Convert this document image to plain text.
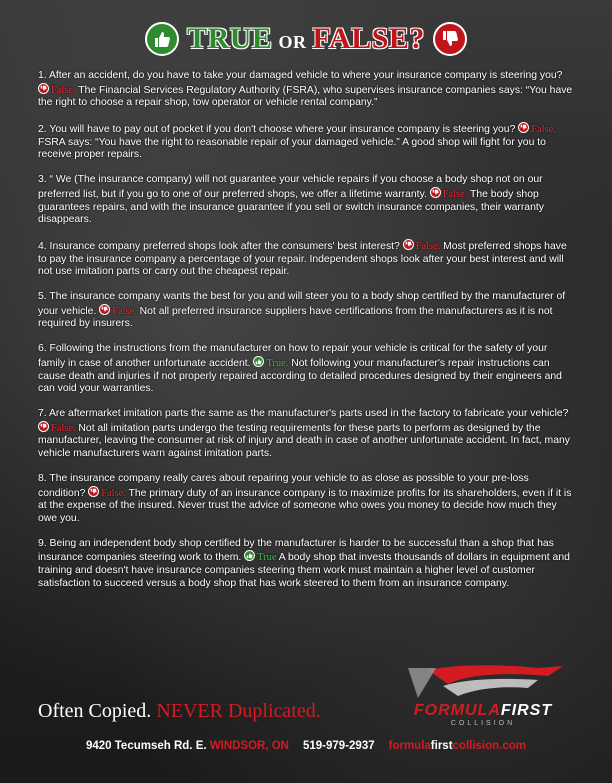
TRUE OR FALSE?

1. After an accident, do you have to take your damaged vehicle to where your insurance company is steering you?
False. The Financial Services Regulatory Authority (FSRA), who supervises insurance companies says: “You have the right to choose a repair shop, tow operator or vehicle rental company.”

2. You will have to pay out of pocket if you don't choose where your insurance company is steering you?
False. FSRA says: “You have the right to reasonable repair of your damaged vehicle.” A good shop will fight for you to receive proper repairs.

3. “ We (The insurance company) will not guarantee your vehicle repairs if you choose a body shop not on our preferred list, but if you go to one of our preferred shops, we offer a lifetime warranty.
False. The body shop guarantees repairs, and with the insurance guarantee if you sell or switch insurance companies, their warranty disappears.

4. Insurance company preferred shops look after the consumers' best interest?
False. Most preferred shops have to pay the insurance company a percentage of your repair. Independent shops look after your best interest and will not use imitation parts or carry out the cheapest repair.

5. The insurance company wants the best for you and will steer you to a body shop certified by the manufacturer of your vehicle.
False. Not all preferred insurance suppliers have certifications from the manufacturers as it is not required by insurers.

6. Following the instructions from the manufacturer on how to repair your vehicle is critical for the safety of your family in case of another unfortunate accident.
True. Not following your manufacturer's repair instructions can cause death and injuries if not properly repaired according to detailed procedures designed by their engineers and can void your warranties.

7. Are aftermarket imitation parts the same as the manufacturer's parts used in the factory to fabricate your vehicle?
False. Not all imitation parts undergo the testing requirements for these parts to perform as designed by the manufacturer, leaving the consumer at risk of injury and death in case of another unfortunate accident. In fact, many vehicle manufacturers warn against imitation parts.

8. The insurance company really cares about repairing your vehicle to as close as possible to your pre-loss condition?
False. The primary duty of an insurance company is to maximize profits for its shareholders, even if it is at the expense of the insured. Never trust the advice of someone who owes you money to decide how much they owe you.

9. Being an independent body shop certified by the manufacturer is harder to be successful than a shop that has insurance companies steering work to them.
True A body shop that invests thousands of dollars in equipment and training and doesn't have insurance companies steering them work must maintain a higher level of customer satisfaction to succeed versus a body shop that has work steered to them from an insurance company.

Often Copied. NEVER Duplicated.	FORMULAFIRST
COLLISION
9420 Tecumseh Rd. E. WINDSOR, ON 519-979-2937 formulafirstcollision.com
